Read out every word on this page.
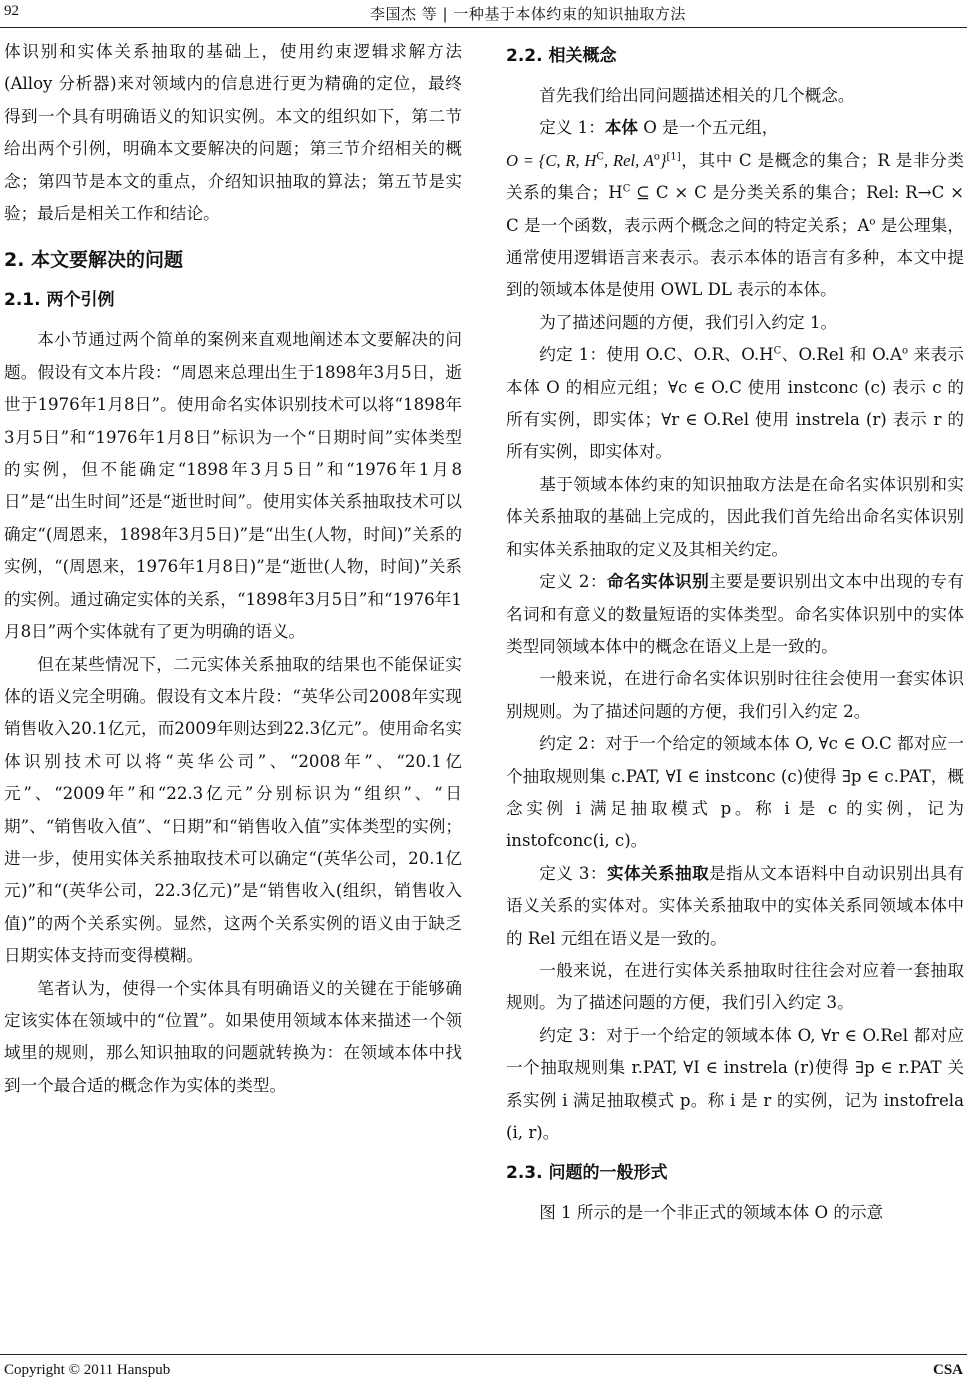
92	李国杰 等 | 一种基于本体约束的知识抽取方法

体识别和实体关系抽取的基础上，使用约束逻辑求解方法(Alloy 分析器)来对领域内的信息进行更为精确的定位，最终得到一个具有明确语义的知识实例。本文的组织如下，第二节给出两个引例，明确本文要解决的问题；第三节介绍相关的概念；第四节是本文的重点，介绍知识抽取的算法；第五节是实验；最后是相关工作和结论。

2. 本文要解决的问题
2.1. 两个引例

本小节通过两个简单的案例来直观地阐述本文要解决的问题。假设有文本片段：“周恩来总理出生于1898年3月5日，逝世于1976年1月8日”。使用命名实体识别技术可以将“1898年3月5日”和“1976年1月8日”标识为一个“日期时间”实体类型的实例，但不能确定“1898年3月5日”和“1976年1月8日”是“出生时间”还是“逝世时间”。使用实体关系抽取技术可以确定“(周恩来，1898年3月5日)”是“出生(人物，时间)”关系的实例，“(周恩来，1976年1月8日)”是“逝世(人物，时间)”关系的实例。通过确定实体的关系，“1898年3月5日”和“1976年1月8日”两个实体就有了更为明确的语义。

但在某些情况下，二元实体关系抽取的结果也不能保证实体的语义完全明确。假设有文本片段：“英华公司2008年实现销售收入20.1亿元，而2009年则达到22.3亿元”。使用命名实体识别技术可以将“英华公司”、“2008年”、“20.1亿元”、“2009年”和“22.3亿元”分别标识为“组织”、“日期”、“销售收入值”、“日期”和“销售收入值”实体类型的实例；进一步，使用实体关系抽取技术可以确定“(英华公司，20.1亿元)”和“(英华公司，22.3亿元)”是“销售收入(组织，销售收入值)”的两个关系实例。显然，这两个关系实例的语义由于缺乏日期实体支持而变得模糊。

笔者认为，使得一个实体具有明确语义的关键在于能够确定该实体在领域中的“位置”。如果使用领域本体来描述一个领域里的规则，那么知识抽取的问题就转换为：在领域本体中找到一个最合适的概念作为实体的类型。

2.2. 相关概念

首先我们给出同问题描述相关的几个概念。

定义 1：本体 O 是一个五元组，

O = {C, R, $H^C$, Rel, $A^o\}[1]$，其中 C 是概念的集合；R 是非分类关系的集合；$H^C$ ⊆ C × C 是分类关系的集合；Rel: R→C × C 是一个函数，表示两个概念之间的特定关系；$A^o$ 是公理集，通常使用逻辑语言来表示。表示本体的语言有多种，本文中提到的领域本体是使用 OWL DL 表示的本体。

为了描述问题的方便，我们引入约定 1。

约定 1：使用 O.C、O.R、$O.H^C$、O.Rel 和 $O.A^o$ 来表示本体 O 的相应元组；∀c ∈ O.C 使用 instconc (c) 表示 c 的所有实例，即实体；∀r ∈ O.Rel 使用 instrela (r) 表示 r 的所有实例，即实体对。

基于领域本体约束的知识抽取方法是在命名实体识别和实体关系抽取的基础上完成的，因此我们首先给出命名实体识别和实体关系抽取的定义及其相关约定。

定义 2：命名实体识别主要是要识别出文本中出现的专有名词和有意义的数量短语的实体类型。命名实体识别中的实体类型同领域本体中的概念在语义上是一致的。

一般来说，在进行命名实体识别时往往会使用一套实体识别规则。为了描述问题的方便，我们引入约定 2。

约定 2：对于一个给定的领域本体 O, ∀c ∈ O.C 都对应一个抽取规则集 c.PAT, ∀I ∈ instconc (c)使得 ∃p ∈ c.PAT，概念实例 i 满足抽取模式 p。称 i 是 c 的实例，记为 instofconc(i, c)。

定义 3：实体关系抽取是指从文本语料中自动识别出具有语义关系的实体对。实体关系抽取中的实体关系同领域本体中的 Rel 元组在语义是一致的。

一般来说，在进行实体关系抽取时往往会对应着一套抽取规则。为了描述问题的方便，我们引入约定 3。

约定 3：对于一个给定的领域本体 O, ∀r ∈ O.Rel 都对应一个抽取规则集 r.PAT, ∀I ∈ instrela (r)使得 ∃p ∈ r.PAT 关系实例 i 满足抽取模式 p。称 i 是 r 的实例，记为 instofrela (i, r)。

2.3. 问题的一般形式

图 1 所示的是一个非正式的领域本体 O 的示意

Copyright © 2011 Hanspub	CSA
